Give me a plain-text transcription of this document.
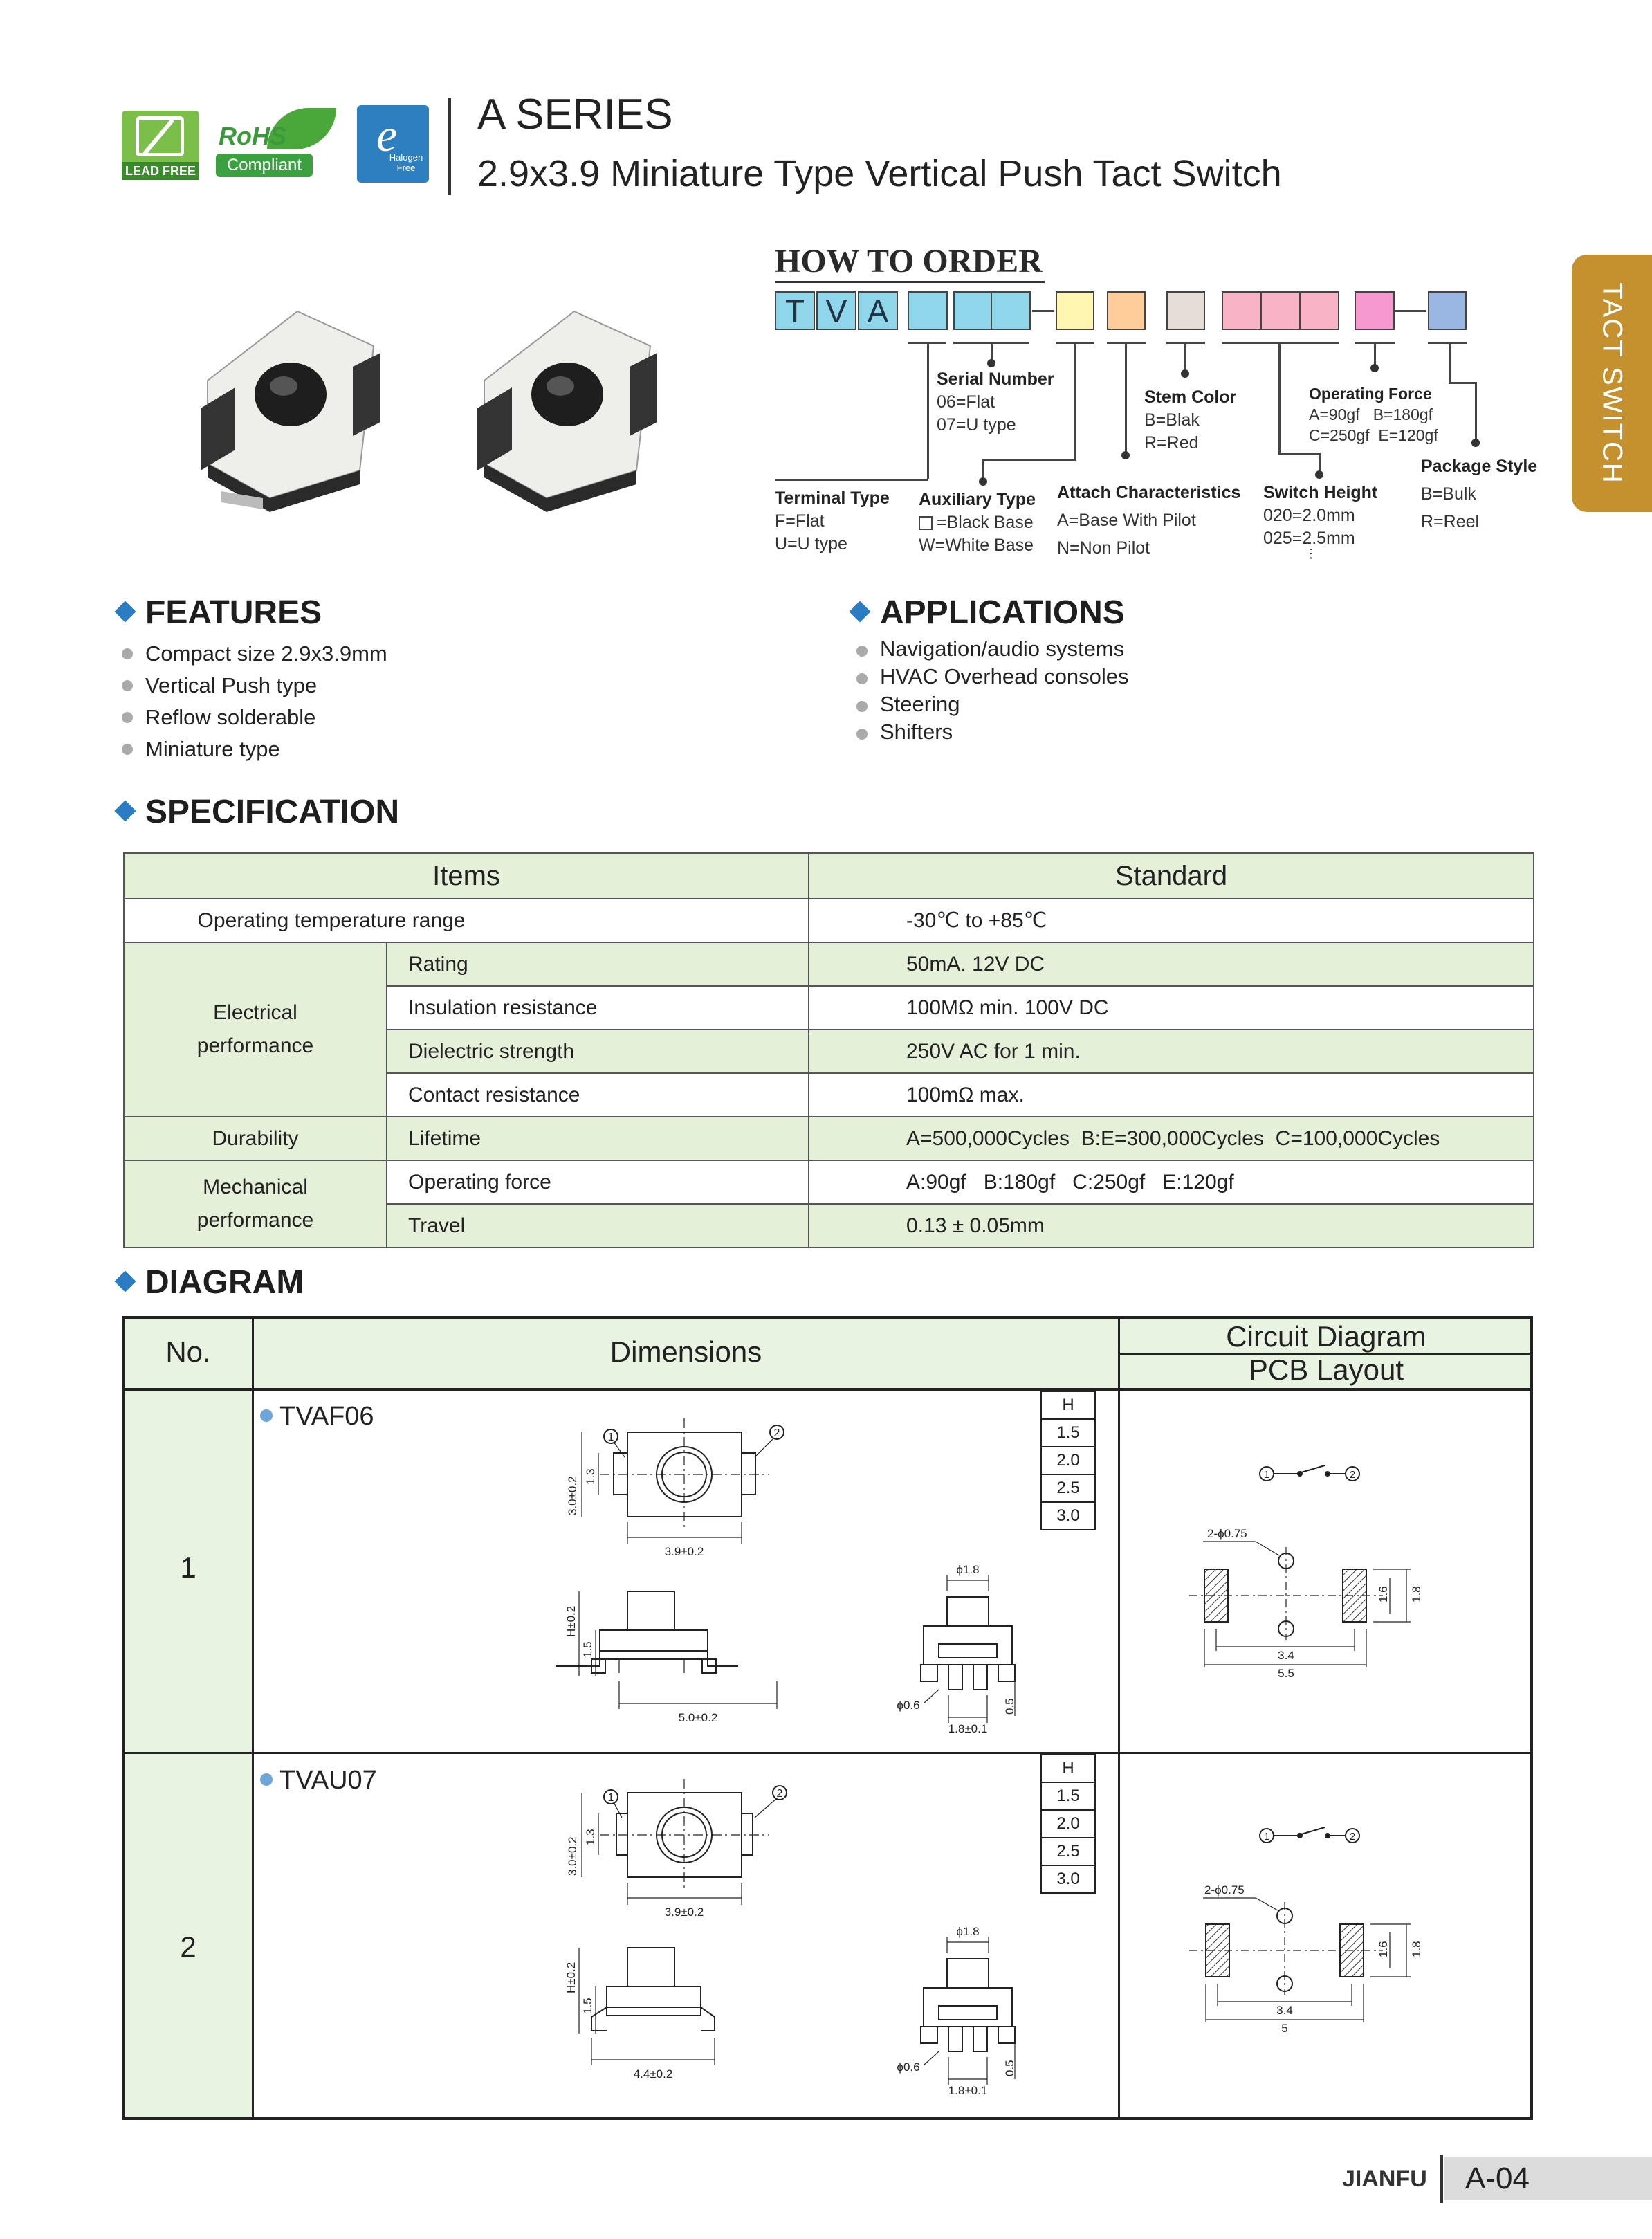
LEAD FREE
RoHS
Compliant
e
Halogen Free
A SERIES
2.9x3.9 Miniature Type Vertical Push Tact Switch
TACT SWITCH
HOW TO ORDER
T V A
Terminal Type
F=Flat
U=U type
Serial Number
06=Flat
07=U type
Auxiliary Type
=Black Base
W=White Base
Attach Characteristics
A=Base With Pilot
N=Non Pilot
Stem Color
B=Blak
R=Red
Switch Height
020=2.0mm
025=2.5mm
⋮
Operating Force
A=90gf   B=180gf
C=250gf  E=120gf
Package Style
B=Bulk
R=Reel
FEATURES
Compact size 2.9x3.9mm
Vertical Push type
Reflow solderable
Miniature type
APPLICATIONS
Navigation/audio systems
HVAC Overhead consoles
Steering
Shifters
SPECIFICATION
Items		Standard
Operating temperature range		-30℃ to +85℃
Electrical
performance	Rating	50mA. 12V DC
	Insulation resistance	100MΩ min. 100V DC
	Dielectric strength	250V AC for 1 min.
	Contact resistance	100mΩ max.
Durability	Lifetime	A=500,000Cycles  B:E=300,000Cycles  C=100,000Cycles
Mechanical
performance	Operating force	A:90gf   B:180gf   C:250gf   E:120gf
	Travel	0.13 ± 0.05mm
DIAGRAM
No.	Dimensions	Circuit Diagram
PCB Layout
1
2
TVAF06
TVAU07
H
1.5
2.0
2.5
3.0
H
1.5
2.0
2.5
3.0
1	2
3.0±0.2 1.3
3.9±0.2
H±0.2
1.5
5.0±0.2
ϕ1.8
ϕ0.6
1.8±0.1
0.5
1	2
2-ϕ0.75
3.4
5.5
1.6 1.8
1	2
3.0±0.2 1.3
3.9±0.2
H±0.2
1.5
4.4±0.2
ϕ1.8
ϕ0.6
1.8±0.1
0.5
1	2
2-ϕ0.75
3.4
5
1.6 1.8
JIANFU A-04
